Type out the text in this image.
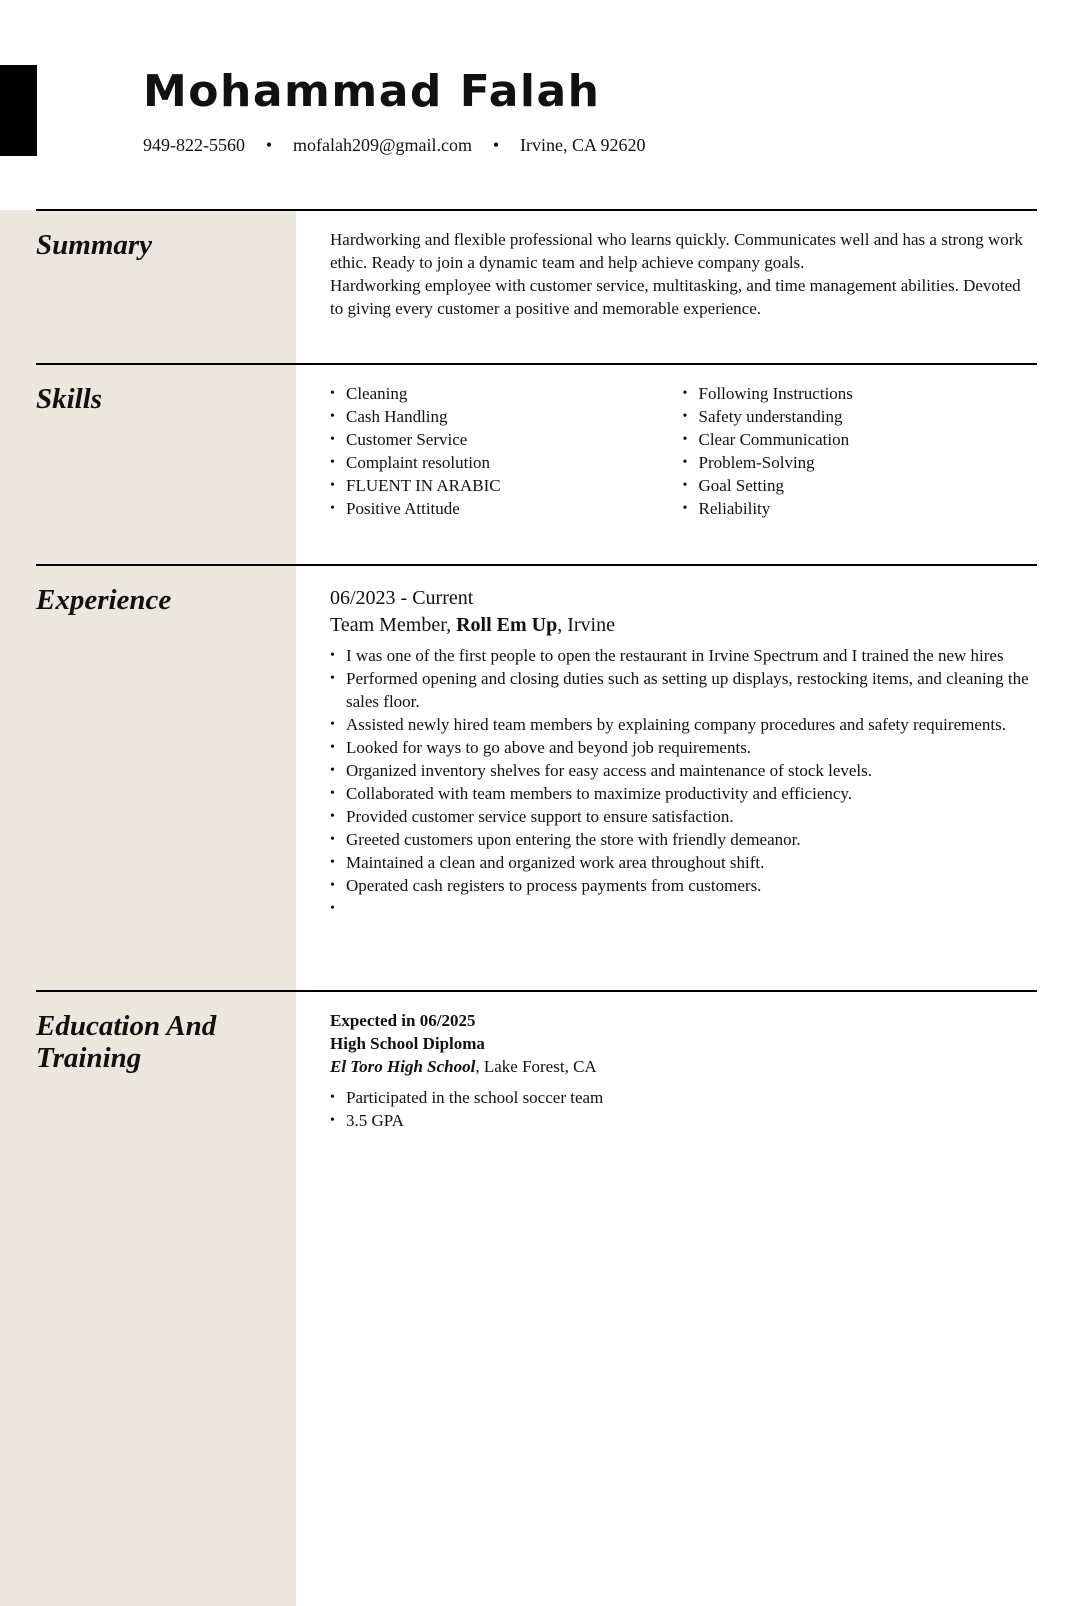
Mohammad Falah
949-822-5560 • mofalah209@gmail.com • Irvine, CA 92620
Summary	Hardworking and flexible professional who learns quickly. Communicates well and has a strong work ethic. Ready to join a dynamic team and help achieve company goals.

Hardworking employee with customer service, multitasking, and time management abilities. Devoted to giving every customer a positive and memorable experience.

Skills
•	Cleaning
• Cash Handling
• Customer Service
• Complaint resolution
• FLUENT IN ARABIC
• Positive Attitude
• Following Instructions
• Safety understanding
• Clear Communication
• Problem-Solving
• Goal Setting
• Reliability
Experience	06/2023 - Current
Team Member, Roll Em Up, Irvine
• I was one of the first people to open the restaurant in Irvine Spectrum and I trained the new hires
• Performed opening and closing duties such as setting up displays, restocking items, and cleaning the sales floor.
• Assisted newly hired team members by explaining company procedures and safety requirements.
• Looked for ways to go above and beyond job requirements.
• Organized inventory shelves for easy access and maintenance of stock levels.
• Collaborated with team members to maximize productivity and efficiency.
• Provided customer service support to ensure satisfaction.
• Greeted customers upon entering the store with friendly demeanor.
• Maintained a clean and organized work area throughout shift.
• Operated cash registers to process payments from customers.
•
Education And Training
Expected in 06/2025
High School Diploma
El Toro High School, Lake Forest, CA
• Participated in the school soccer team
• 3.5 GPA
